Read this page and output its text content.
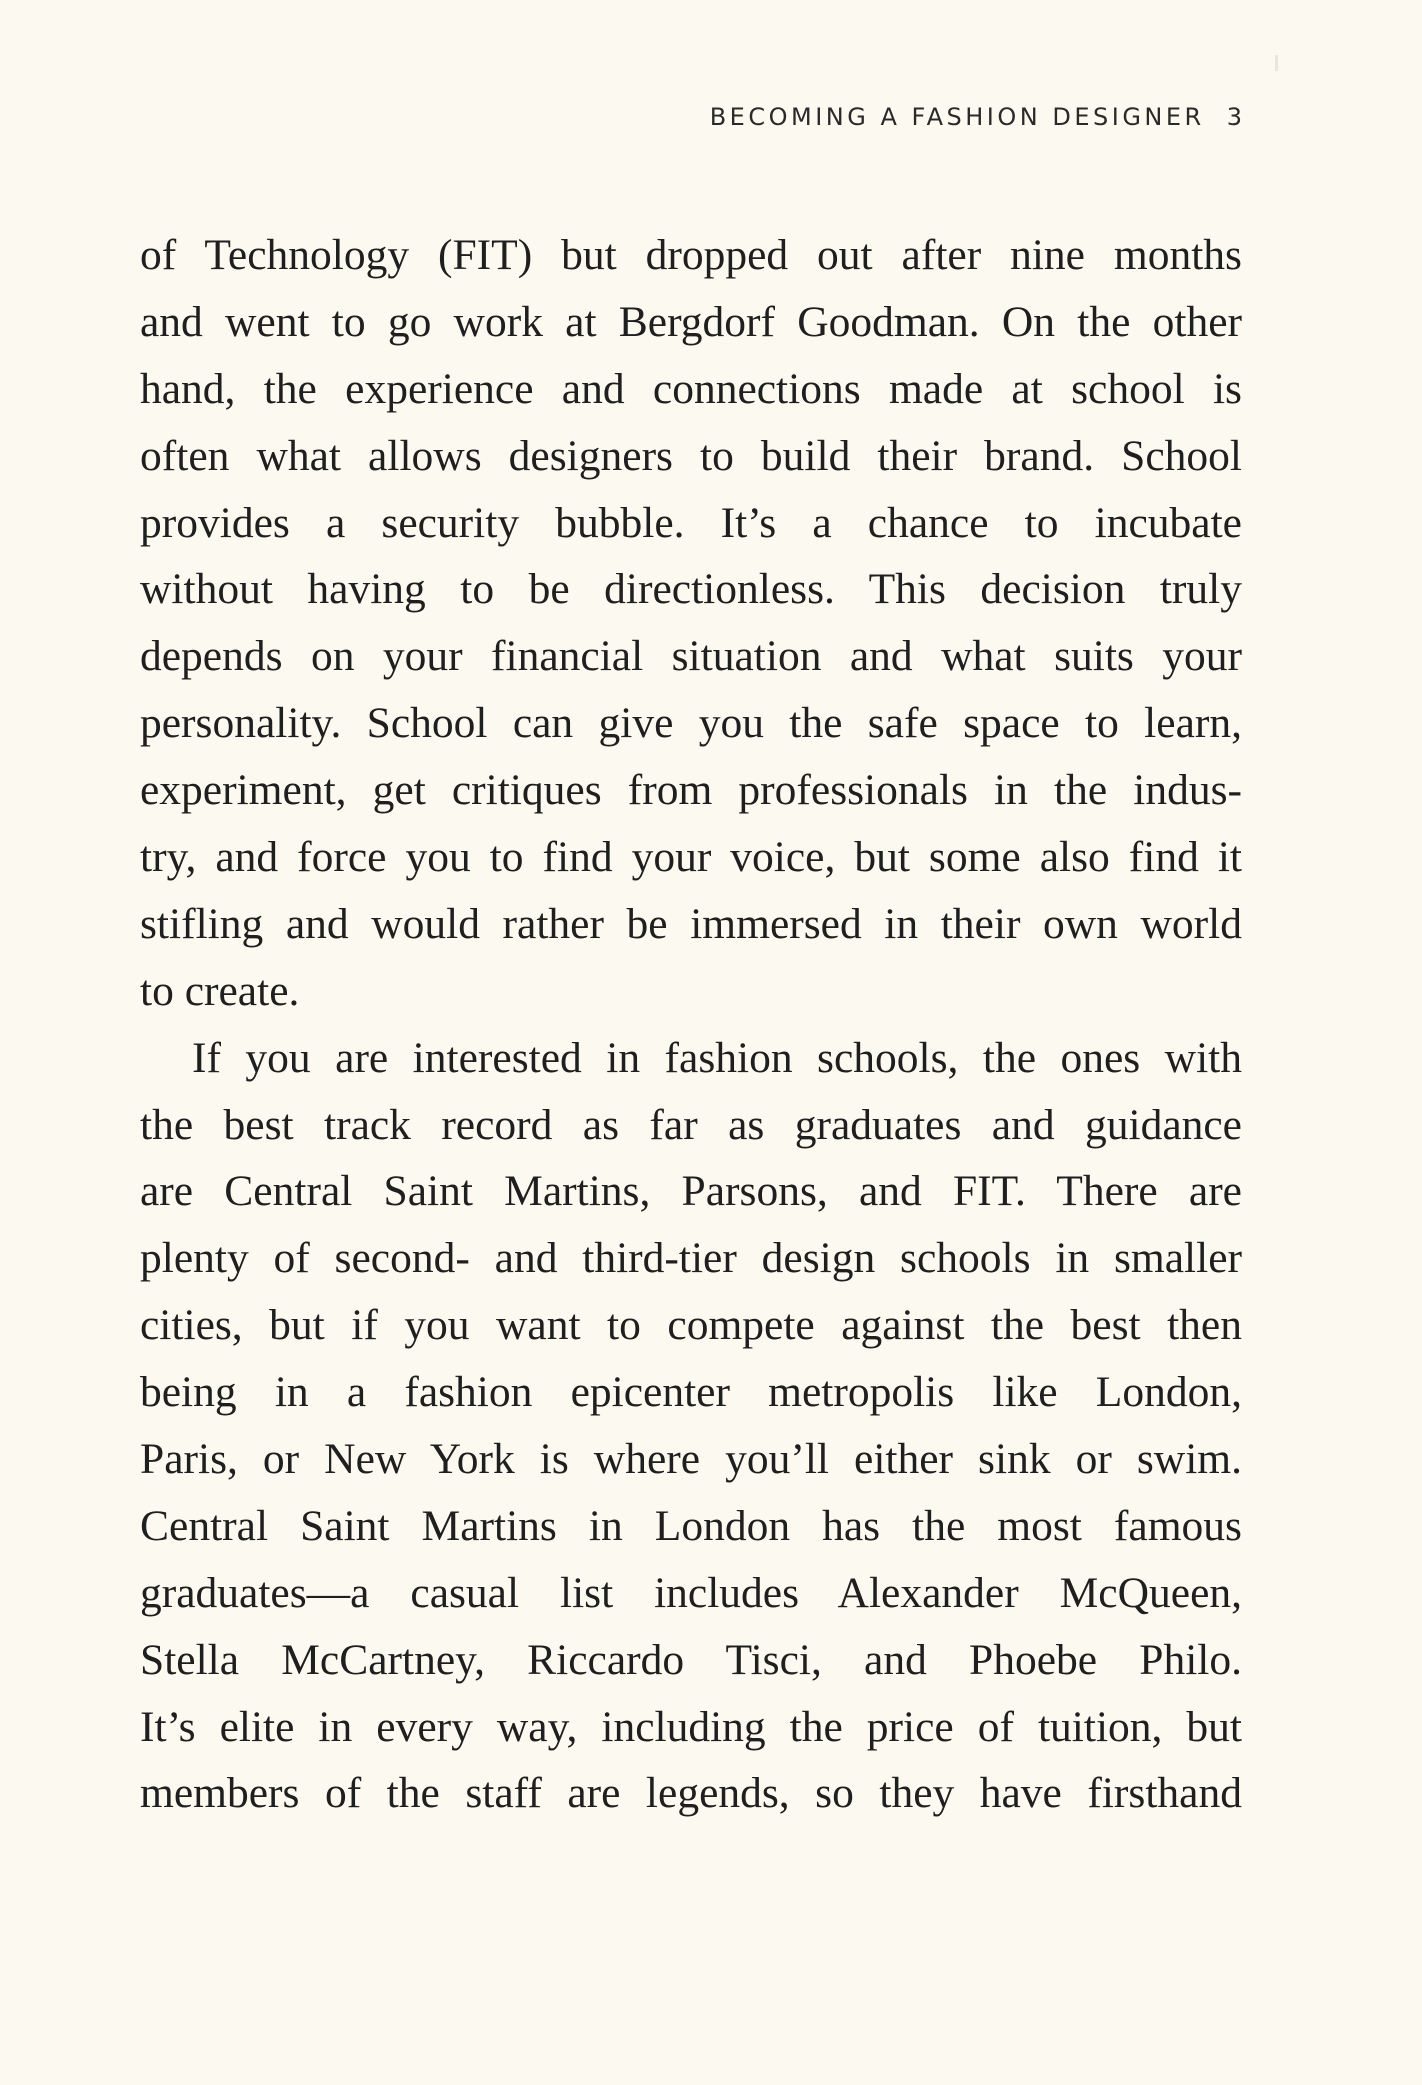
BECOMING A FASHION DESIGNER 3
of Technology (FIT) but dropped out after nine months
and went to go work at Bergdorf Goodman. On the other
hand, the experience and connections made at school is
often what allows designers to build their brand. School
provides a security bubble. It’s a chance to incubate
without having to be directionless. This decision truly
depends on your financial situation and what suits your
personality. School can give you the safe space to learn,
experiment, get critiques from professionals in the indus-
try, and force you to find your voice, but some also find it
stifling and would rather be immersed in their own world
to create.
If you are interested in fashion schools, the ones with
the best track record as far as graduates and guidance
are Central Saint Martins, Parsons, and FIT. There are
plenty of second- and third-tier design schools in smaller
cities, but if you want to compete against the best then
being in a fashion epicenter metropolis like London,
Paris, or New York is where you’ll either sink or swim.
Central Saint Martins in London has the most famous
graduates—a casual list includes Alexander McQueen,
Stella McCartney, Riccardo Tisci, and Phoebe Philo.
It’s elite in every way, including the price of tuition, but
members of the staff are legends, so they have firsthand
